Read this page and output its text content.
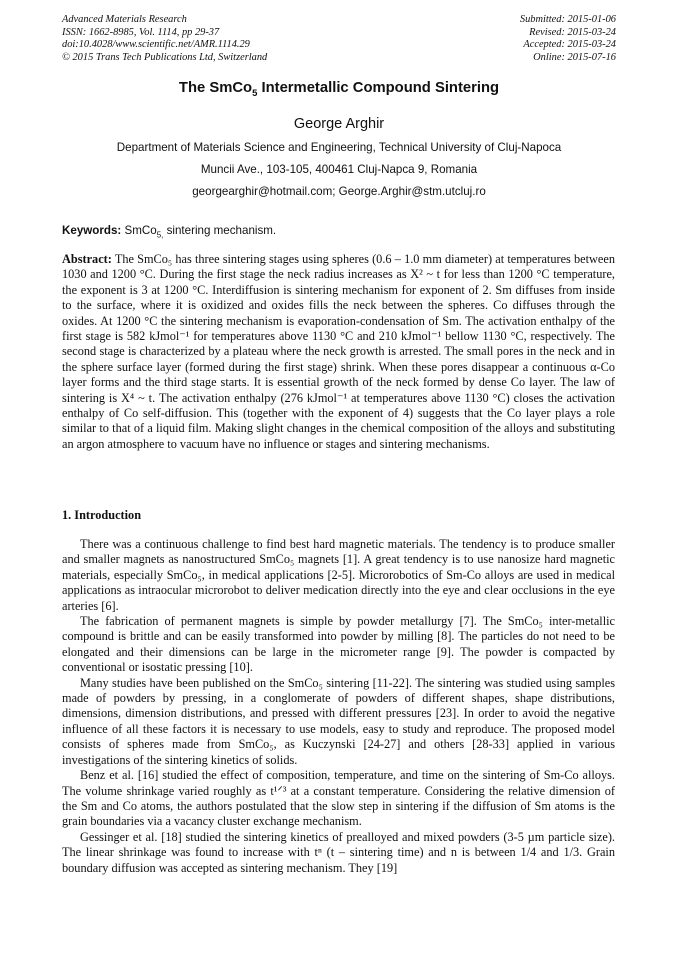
Advanced Materials Research
ISSN: 1662-8985, Vol. 1114, pp 29-37
doi:10.4028/www.scientific.net/AMR.1114.29
© 2015 Trans Tech Publications Ltd, Switzerland
Submitted: 2015-01-06
Revised: 2015-03-24
Accepted: 2015-03-24
Online: 2015-07-16
The SmCo$_5$ Intermetallic Compound Sintering
George Arghir
Department of Materials Science and Engineering, Technical University of Cluj-Napoca
Muncii Ave., 103-105, 400461 Cluj-Napca 9, Romania
georgearghir@hotmail.com; George.Arghir@stm.utcluj.ro
Keywords: SmCo$_{5,}$ sintering mechanism.
Abstract: The SmCo₅ has three sintering stages using spheres (0.6 – 1.0 mm diameter) at temperatures between 1030 and 1200 °C. During the first stage the neck radius increases as X² ~ t for less than 1200 °C temperature, the exponent is 3 at 1200 °C. Interdiffusion is sintering mechanism for exponent of 2. Sm diffuses from inside to the surface, where it is oxidized and oxides fills the neck between the spheres. Co diffuses through the oxides. At 1200 °C the sintering mechanism is evaporation-condensation of Sm. The activation enthalpy of the first stage is 582 kJmol⁻¹ for temperatures above 1130 °C and 210 kJmol⁻¹ bellow 1130 °C, respectively. The second stage is characterized by a plateau where the neck growth is arrested. The small pores in the neck and in the sphere surface layer (formed during the first stage) shrink. When these pores disappear a continuous α-Co layer forms and the third stage starts. It is essential growth of the neck formed by dense Co layer. The law of sintering is X⁴ ~ t. The activation enthalpy (276 kJmol⁻¹ at temperatures above 1130 °C) closes the activation enthalpy of Co self-diffusion. This (together with the exponent of 4) suggests that the Co layer plays a role similar to that of a liquid film. Making slight changes in the chemical composition of the alloys and substituting an argon atmosphere to vacuum have no influence or stages and sintering mechanisms.
1. Introduction

There was a continuous challenge to find best hard magnetic materials. The tendency is to produce smaller and smaller magnets as nanostructured SmCo₅ magnets [1]. A great tendency is to use nanosize hard magnetic materials, especially SmCo₅, in medical applications [2-5]. Microrobotics of Sm-Co alloys are used in medical applications as intraocular microrobot to deliver medication directly into the eye and clear occlusions in the eye arteries [6].

The fabrication of permanent magnets is simple by powder metallurgy [7]. The SmCo₅ inter-metallic compound is brittle and can be easily transformed into powder by milling [8]. The particles do not need to be elongated and their dimensions can be large in the micrometer range [9]. The powder is compacted by conventional or isostatic pressing [10].

Many studies have been published on the SmCo₅ sintering [11-22]. The sintering was studied using samples made of powders by pressing, in a conglomerate of powders of different shapes, shape distributions, dimensions, dimension distributions, and pressed with different pressures [23]. In order to avoid the negative influence of all these factors it is necessary to use models, easy to study and reproduce. The proposed model consists of spheres made from SmCo₅, as Kuczynski [24-27] and others [28-33] applied in various investigations of the sintering kinetics of solids.

Benz et al. [16] studied the effect of composition, temperature, and time on the sintering of Sm-Co alloys. The volume shrinkage varied roughly as t¹ᐟ³ at a constant temperature. Considering the relative dimension of the Sm and Co atoms, the authors postulated that the slow step in sintering if the diffusion of Sm atoms is the grain boundaries via a vacancy cluster exchange mechanism.

Gessinger et al. [18] studied the sintering kinetics of prealloyed and mixed powders (3-5 µm particle size). The linear shrinkage was found to increase with tⁿ (t – sintering time) and n is between 1/4 and 1/3. Grain boundary diffusion was accepted as sintering mechanism. They [19]
